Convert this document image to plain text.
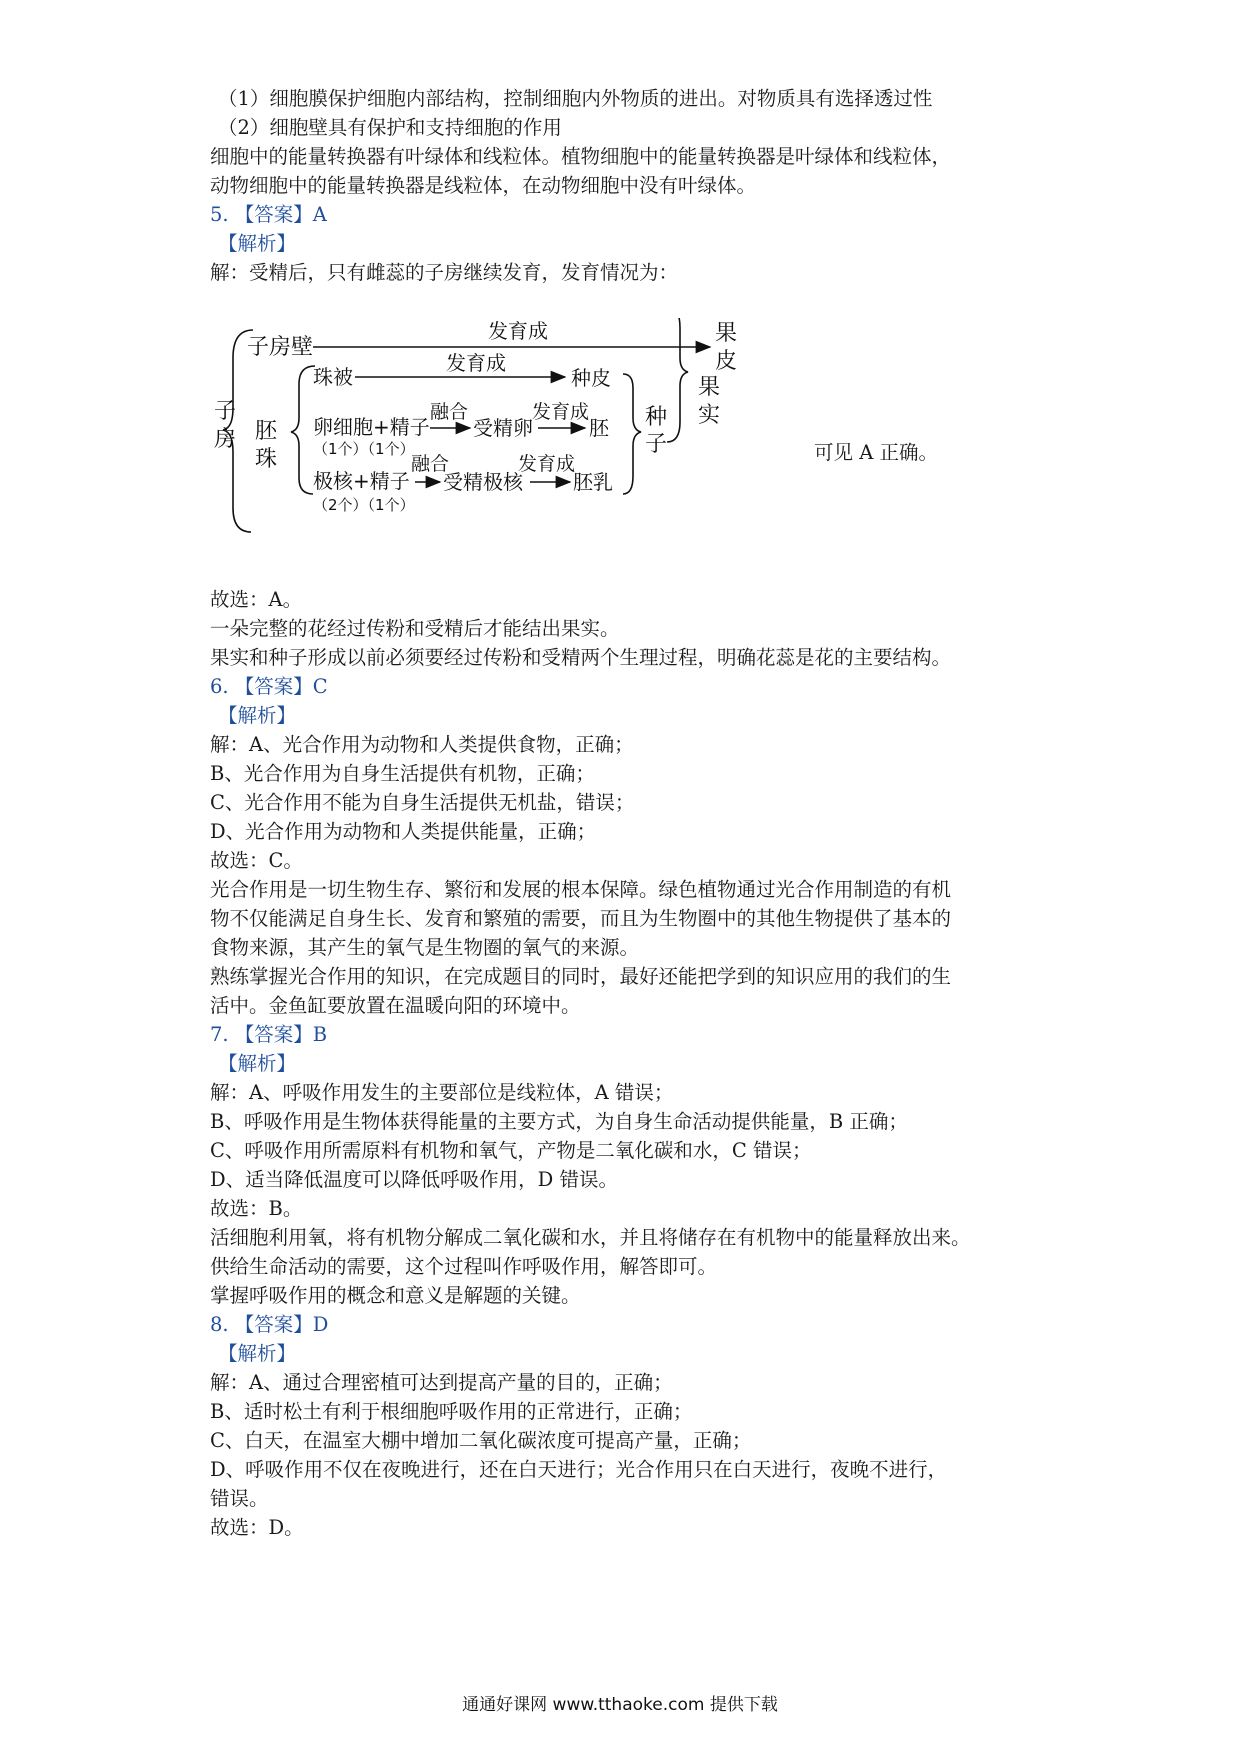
（1）细胞膜保护细胞内部结构，控制细胞内外物质的进出。对物质具有选择透过性
（2）细胞壁具有保护和支持细胞的作用
细胞中的能量转换器有叶绿体和线粒体。植物细胞中的能量转换器是叶绿体和线粒体，
动物细胞中的能量转换器是线粒体，在动物细胞中没有叶绿体。
5. 【答案】A
【解析】
解：受精后，只有雌蕊的子房继续发育，发育情况为：
子
房
子房壁
发育成	果
皮
胚
珠
珠被
发育成
种皮
卵细胞+精子
（1个）（1个）
融合
受精卵
发育成
胚
极核+精子
（2个）（1个）
融合
受精极核
发育成
胚乳
种
子
果
实
可见 A 正确。
故选：A。
一朵完整的花经过传粉和受精后才能结出果实。
果实和种子形成以前必须要经过传粉和受精两个生理过程，明确花蕊是花的主要结构。
6. 【答案】C
【解析】
解：A、光合作用为动物和人类提供食物，正确；
B、光合作用为自身生活提供有机物，正确；
C、光合作用不能为自身生活提供无机盐，错误；
D、光合作用为动物和人类提供能量，正确；
故选：C。
光合作用是一切生物生存、繁衍和发展的根本保障。绿色植物通过光合作用制造的有机
物不仅能满足自身生长、发育和繁殖的需要，而且为生物圈中的其他生物提供了基本的
食物来源，其产生的氧气是生物圈的氧气的来源。
熟练掌握光合作用的知识，在完成题目的同时，最好还能把学到的知识应用的我们的生
活中。金鱼缸要放置在温暖向阳的环境中。
7. 【答案】B
【解析】
解：A、呼吸作用发生的主要部位是线粒体，A 错误；
B、呼吸作用是生物体获得能量的主要方式，为自身生命活动提供能量，B 正确；
C、呼吸作用所需原料有机物和氧气，产物是二氧化碳和水，C 错误；
D、适当降低温度可以降低呼吸作用，D 错误。
故选：B。
活细胞利用氧，将有机物分解成二氧化碳和水，并且将储存在有机物中的能量释放出来。
供给生命活动的需要，这个过程叫作呼吸作用，解答即可。
掌握呼吸作用的概念和意义是解题的关键。
8. 【答案】D
【解析】
解：A、通过合理密植可达到提高产量的目的，正确；
B、适时松土有利于根细胞呼吸作用的正常进行，正确；
C、白天，在温室大棚中增加二氧化碳浓度可提高产量，正确；
D、呼吸作用不仅在夜晚进行，还在白天进行；光合作用只在白天进行，夜晚不进行，
错误。
故选：D。
通通好课网 www.tthaoke.com 提供下载
